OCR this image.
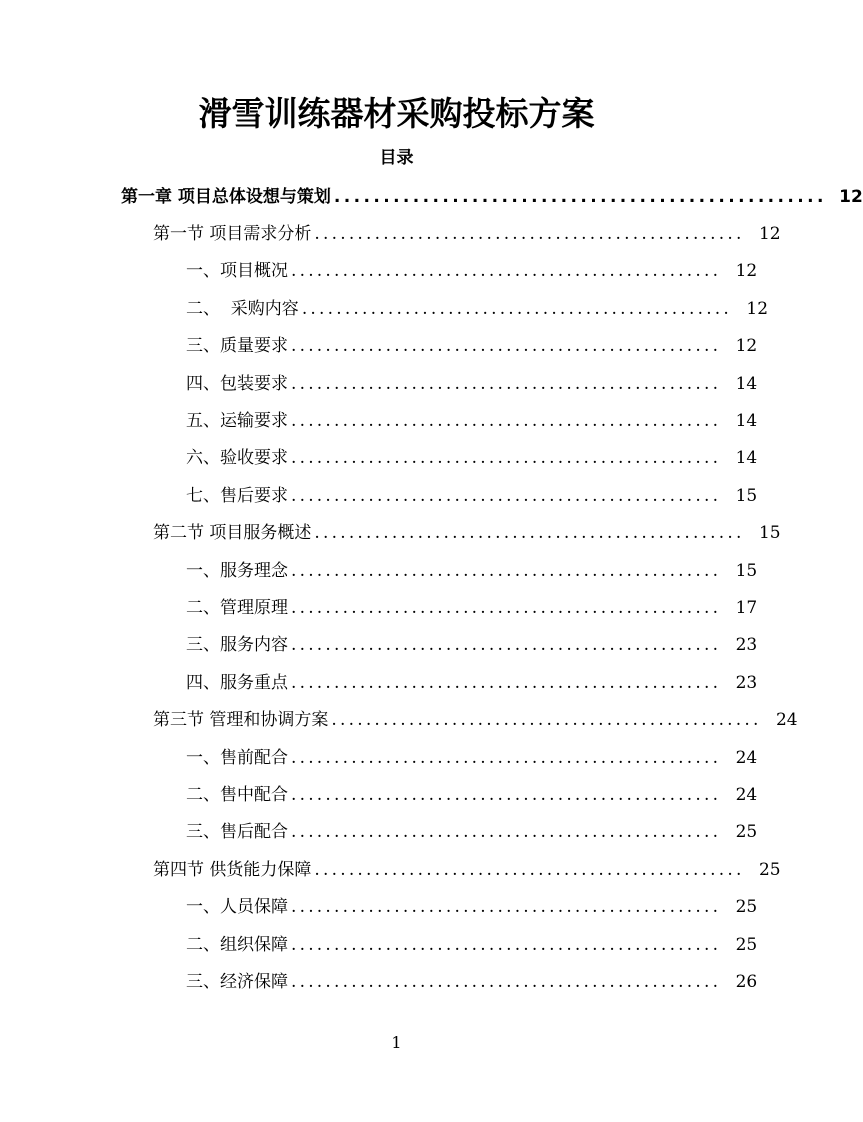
滑雪训练器材采购投标方案
目录
第一章 项目总体设想与策划 .................................................. 12
第一节 项目需求分析 .................................................. 12
一、项目概况 .................................................. 12
二、  采购内容 .................................................. 12
三、质量要求 .................................................. 12
四、包装要求 .................................................. 14
五、运输要求 .................................................. 14
六、验收要求 .................................................. 14
七、售后要求 .................................................. 15
第二节 项目服务概述 .................................................. 15
一、服务理念 .................................................. 15
二、管理原理 .................................................. 17
三、服务内容 .................................................. 23
四、服务重点 .................................................. 23
第三节 管理和协调方案 .................................................. 24
一、售前配合 .................................................. 24
二、售中配合 .................................................. 24
三、售后配合 .................................................. 25
第四节 供货能力保障 .................................................. 25
一、人员保障 .................................................. 25
二、组织保障 .................................................. 25
三、经济保障 .................................................. 26
1
